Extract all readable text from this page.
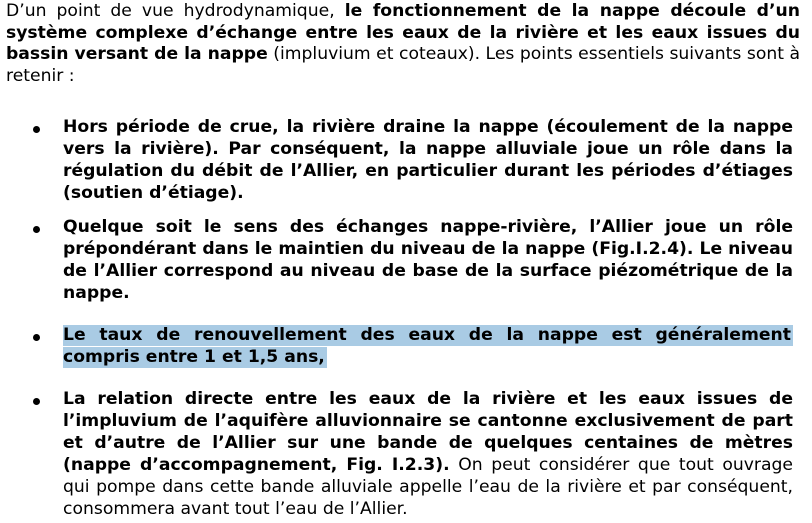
D’un point de vue hydrodynamique, le fonctionnement de la nappe découle d’un système complexe d’échange entre les eaux de la rivière et les eaux issues du bassin versant de la nappe (impluvium et coteaux). Les points essentiels suivants sont à retenir :

Hors période de crue, la rivière draine la nappe (écoulement de la nappe vers la rivière). Par conséquent, la nappe alluviale joue un rôle dans la régulation du débit de l’Allier, en particulier durant les périodes d’étiages (soutien d’étiage).

Quelque soit le sens des échanges nappe-rivière, l’Allier joue un rôle prépondérant dans le maintien du niveau de la nappe (Fig.I.2.4). Le niveau de l’Allier correspond au niveau de base de la surface piézométrique de la nappe.

Le taux de renouvellement des eaux de la nappe est généralement compris entre 1 et 1,5 ans,

La relation directe entre les eaux de la rivière et les eaux issues de l’impluvium de l’aquifère alluvionnaire se cantonne exclusivement de part et d’autre de l’Allier sur une bande de quelques centaines de mètres (nappe d’accompagnement, Fig. I.2.3). On peut considérer que tout ouvrage qui pompe dans cette bande alluviale appelle l’eau de la rivière et par conséquent, consommera avant tout l’eau de l’Allier.
